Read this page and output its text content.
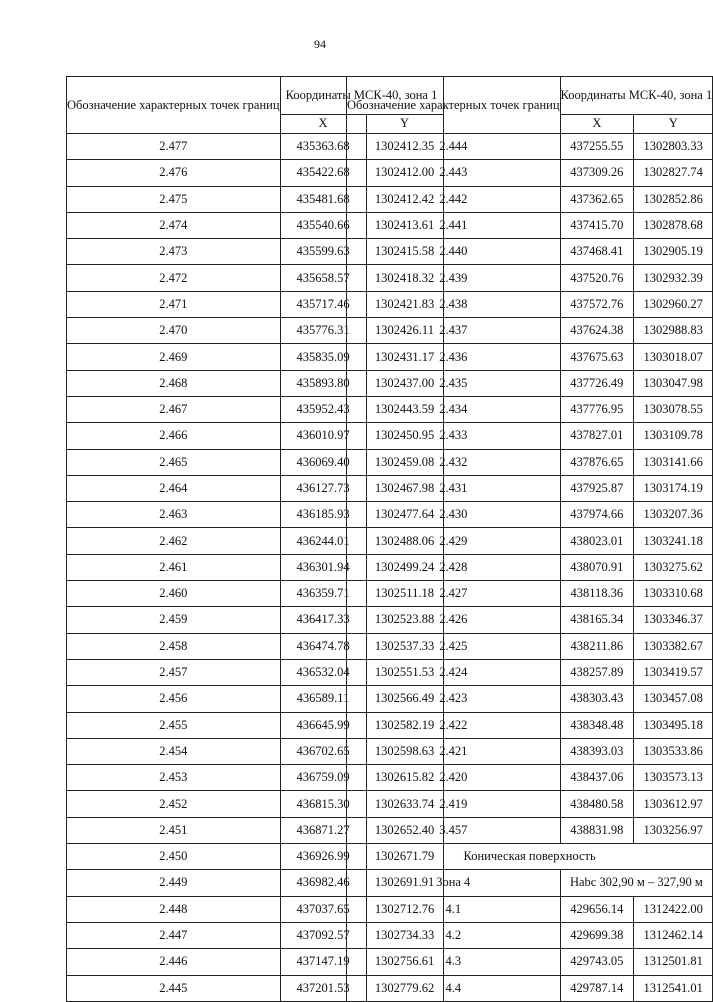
94
Обозначение характерных точек границ	Координаты МСК-40, зона 1	
	X	Y
2.477	435363.68	1302412.35
2.476	435422.68	1302412.00
2.475	435481.68	1302412.42
2.474	435540.66	1302413.61
2.473	435599.63	1302415.58
2.472	435658.57	1302418.32
2.471	435717.46	1302421.83
2.470	435776.31	1302426.11
2.469	435835.09	1302431.17
2.468	435893.80	1302437.00
2.467	435952.43	1302443.59
2.466	436010.97	1302450.95
2.465	436069.40	1302459.08
2.464	436127.73	1302467.98
2.463	436185.93	1302477.64
2.462	436244.01	1302488.06
2.461	436301.94	1302499.24
2.460	436359.71	1302511.18
2.459	436417.33	1302523.88
2.458	436474.78	1302537.33
2.457	436532.04	1302551.53
2.456	436589.11	1302566.49
2.455	436645.99	1302582.19
2.454	436702.65	1302598.63
2.453	436759.09	1302615.82
2.452	436815.30	1302633.74
2.451	436871.27	1302652.40
2.450	436926.99	1302671.79
2.449	436982.46	1302691.91
2.448	437037.65	1302712.76
2.447	437092.57	1302734.33
2.446	437147.19	1302756.61
2.445	437201.53	1302779.62
Обозначение характерных точек границ	Координаты МСК-40, зона 1	
	X	Y
2.444	437255.55	1302803.33
2.443	437309.26	1302827.74
2.442	437362.65	1302852.86
2.441	437415.70	1302878.68
2.440	437468.41	1302905.19
2.439	437520.76	1302932.39
2.438	437572.76	1302960.27
2.437	437624.38	1302988.83
2.436	437675.63	1303018.07
2.435	437726.49	1303047.98
2.434	437776.95	1303078.55
2.433	437827.01	1303109.78
2.432	437876.65	1303141.66
2.431	437925.87	1303174.19
2.430	437974.66	1303207.36
2.429	438023.01	1303241.18
2.428	438070.91	1303275.62
2.427	438118.36	1303310.68
2.426	438165.34	1303346.37
2.425	438211.86	1303382.67
2.424	438257.89	1303419.57
2.423	438303.43	1303457.08
2.422	438348.48	1303495.18
2.421	438393.03	1303533.86
2.420	438437.06	1303573.13
2.419	438480.58	1303612.97
3.457	438831.98	1303256.97
Коническая поверхность		
Зона 4	Нabc 302,90 м – 327,90 м	
4.1	429656.14	1312422.00
4.2	429699.38	1312462.14
4.3	429743.05	1312501.81
4.4	429787.14	1312541.01
